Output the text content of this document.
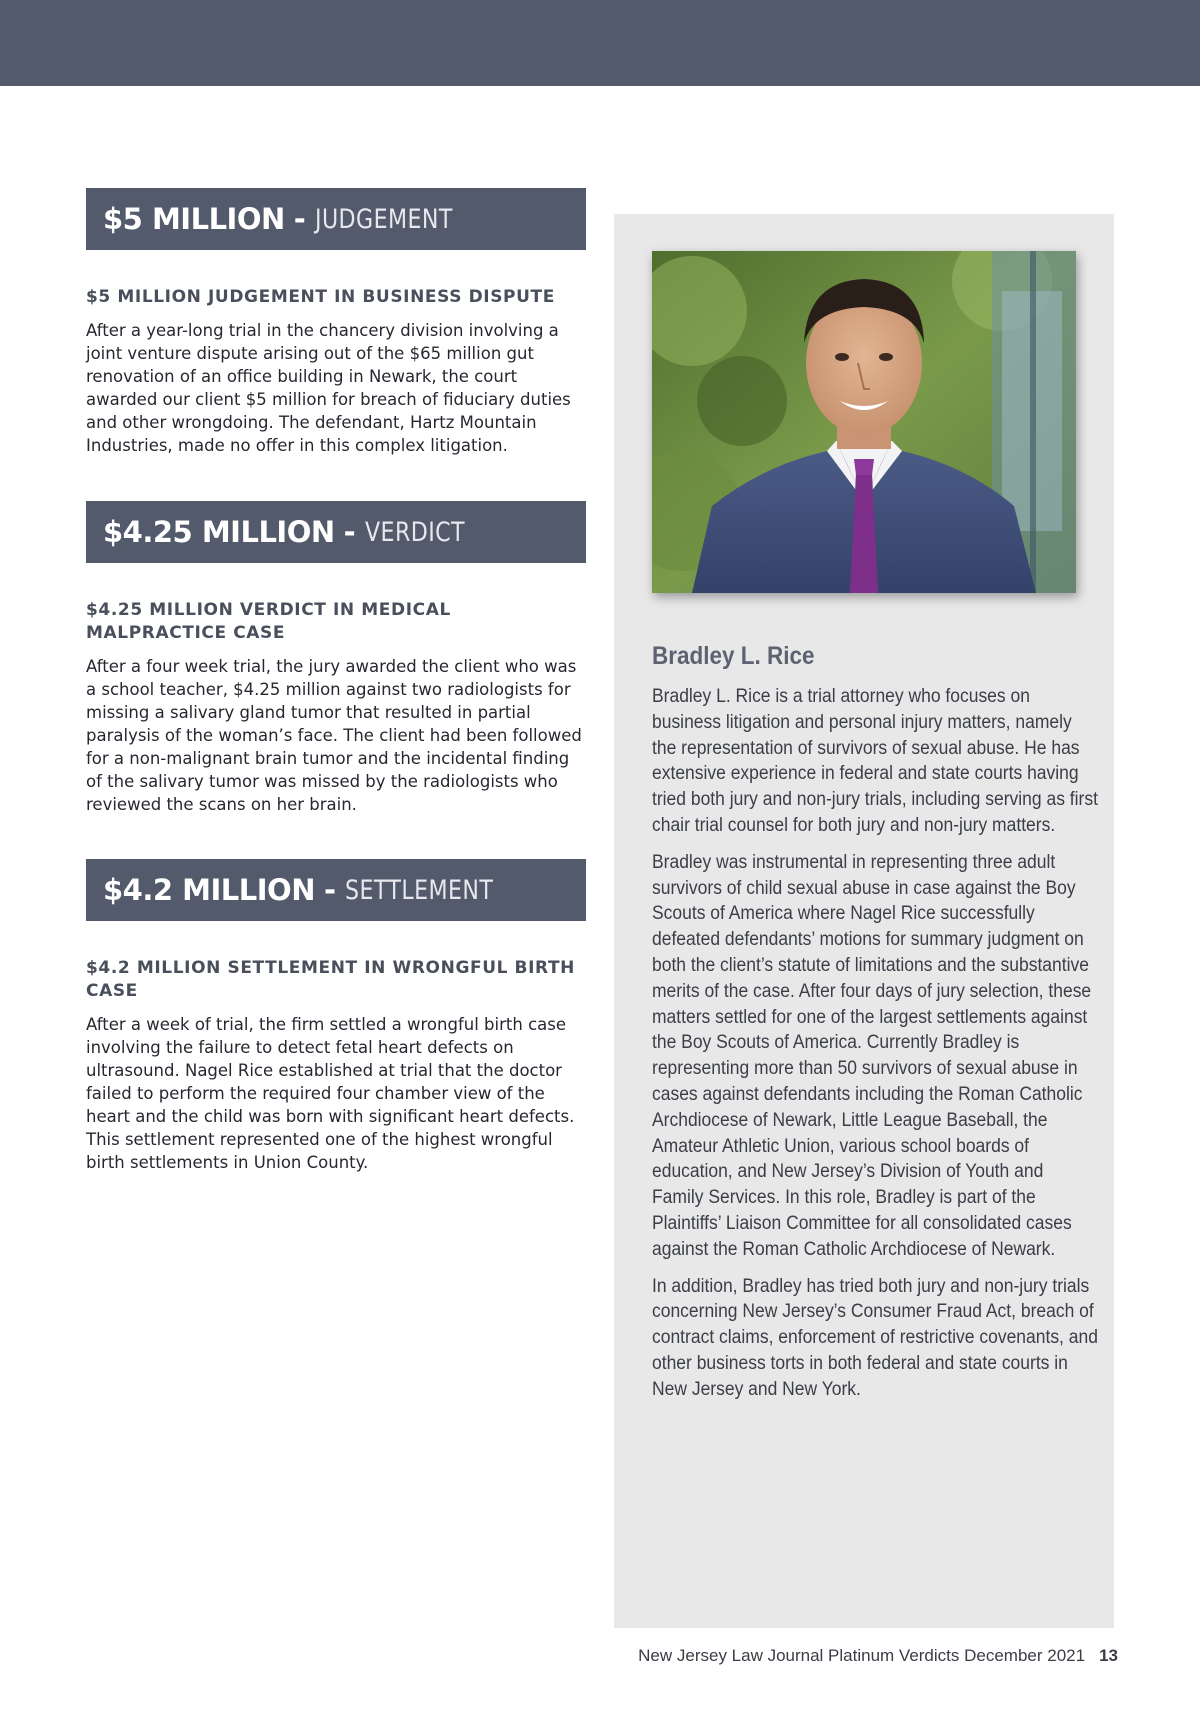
$5 MILLION - JUDGEMENT
$5 MILLION JUDGEMENT IN BUSINESS DISPUTE
After a year-long trial in the chancery division involving a joint venture dispute arising out of the $65 million gut renovation of an office building in Newark, the court awarded our client $5 million for breach of fiduciary duties and other wrongdoing. The defendant, Hartz Mountain Industries, made no offer in this complex litigation.
$4.25 MILLION - VERDICT
$4.25 MILLION VERDICT IN MEDICAL MALPRACTICE CASE
After a four week trial, the jury awarded the client who was a school teacher, $4.25 million against two radiologists for missing a salivary gland tumor that resulted in partial paralysis of the woman’s face. The client had been followed for a non-malignant brain tumor and the incidental finding of the salivary tumor was missed by the radiologists who reviewed the scans on her brain.
$4.2 MILLION - SETTLEMENT
$4.2 MILLION SETTLEMENT IN WRONGFUL BIRTH CASE
After a week of trial, the firm settled a wrongful birth case involving the failure to detect fetal heart defects on ultrasound. Nagel Rice established at trial that the doctor failed to perform the required four chamber view of the heart and the child was born with significant heart defects. This settlement represented one of the highest wrongful birth settlements in Union County.
Bradley L. Rice

Bradley L. Rice is a trial attorney who focuses on business litigation and personal injury matters, namely the representation of survivors of sexual abuse. He has extensive experience in federal and state courts having tried both jury and non-jury trials, including serving as first chair trial counsel for both jury and non-jury matters.

Bradley was instrumental in representing three adult survivors of child sexual abuse in case against the Boy Scouts of America where Nagel Rice successfully defeated defendants’ motions for summary judgment on both the client’s statute of limitations and the substantive merits of the case. After four days of jury selection, these matters settled for one of the largest settlements against the Boy Scouts of America. Currently Bradley is representing more than 50 survivors of sexual abuse in cases against defendants including the Roman Catholic Archdiocese of Newark, Little League Baseball, the Amateur Athletic Union, various school boards of education, and New Jersey’s Division of Youth and Family Services. In this role, Bradley is part of the Plaintiffs’ Liaison Committee for all consolidated cases against the Roman Catholic Archdiocese of Newark.

In addition, Bradley has tried both jury and non-jury trials concerning New Jersey’s Consumer Fraud Act, breach of contract claims, enforcement of restrictive covenants, and other business torts in both federal and state courts in New Jersey and New York.

New Jersey Law Journal Platinum Verdicts December 2021 13
